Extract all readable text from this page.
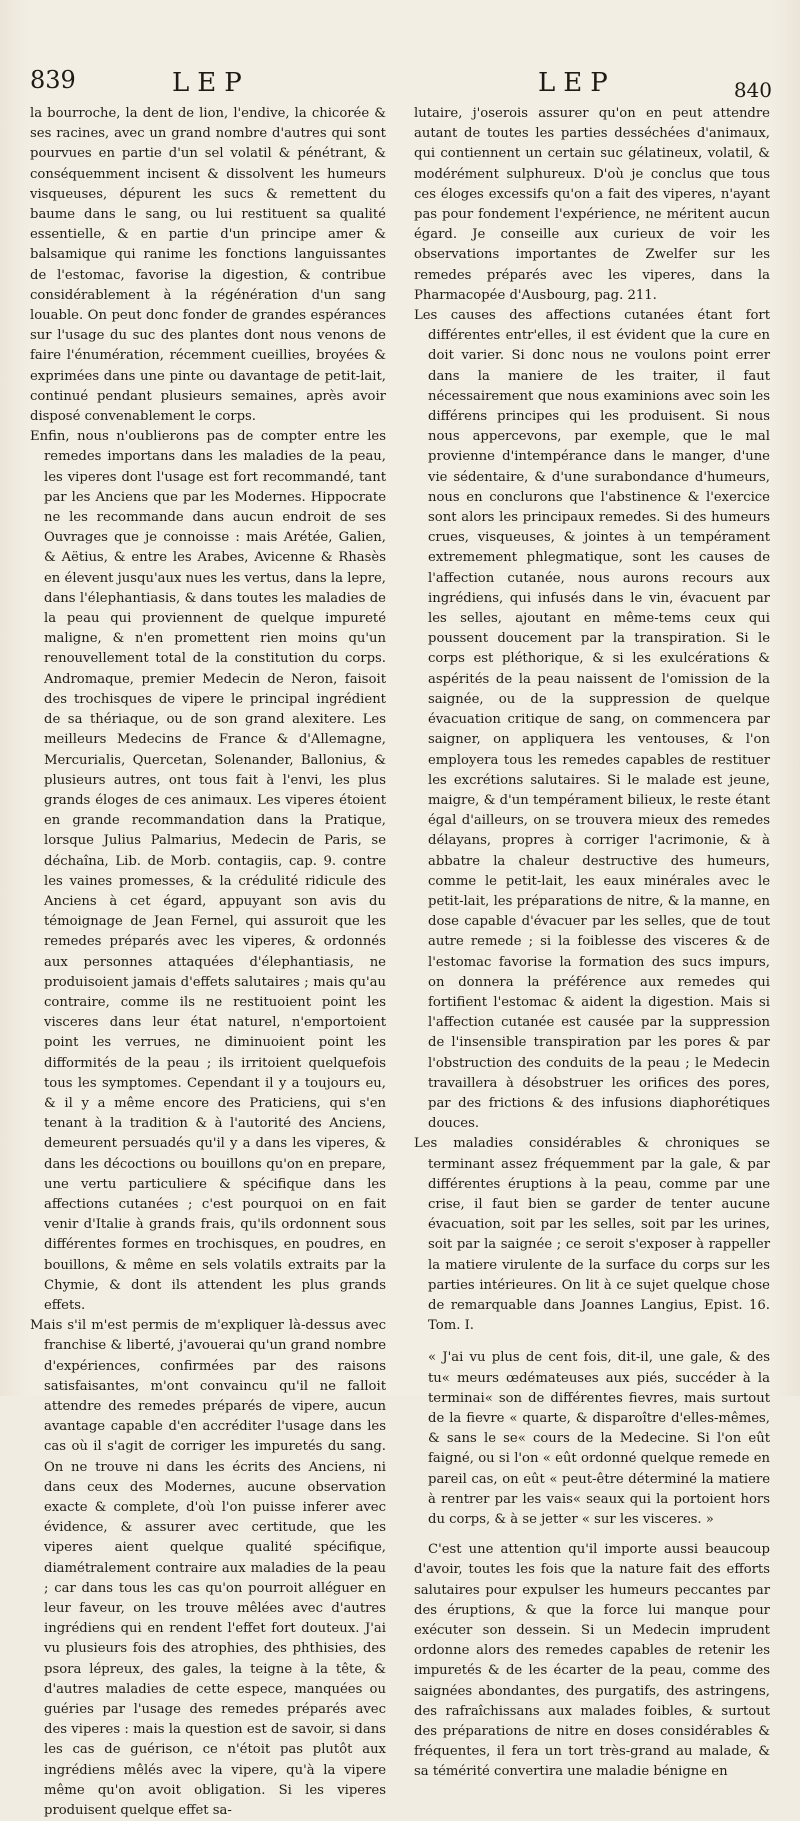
839	LEP	LEP	840

la bourroche, la dent de lion, l'endive, la chicorée & ses racines, avec un grand nombre d'autres qui sont pourvues en partie d'un sel volatil & pénétrant, & conséquemment incisent & dissolvent les humeurs visqueuses, dépurent les sucs & remettent du baume dans le sang, ou lui restituent sa qualité essentielle, & en partie d'un principe amer & balsamique qui ranime les fonctions languissantes de l'estomac, favorise la digestion, & contribue considérablement à la régénération d'un sang louable. On peut donc fonder de grandes espérances sur l'usage du suc des plantes dont nous venons de faire l'énumération, récemment cueillies, broyées & exprimées dans une pinte ou davantage de petit-lait, continué pendant plusieurs semaines, après avoir disposé convenablement le corps.

Enfin, nous n'oublierons pas de compter entre les remedes importans dans les maladies de la peau, les viperes dont l'usage est fort recommandé, tant par les Anciens que par les Modernes. Hippocrate ne les recommande dans aucun endroit de ses Ouvrages que je connoisse : mais Arétée, Galien, & Aëtius, & entre les Arabes, Avicenne & Rhasès en élevent jusqu'aux nues les vertus, dans la lepre, dans l'élephantiasis, & dans toutes les maladies de la peau qui proviennent de quelque impureté maligne, & n'en promettent rien moins qu'un renouvellement total de la constitution du corps. Andromaque, premier Medecin de Neron, faisoit des trochisques de vipere le principal ingrédient de sa thériaque, ou de son grand alexitere. Les meilleurs Medecins de France & d'Allemagne, Mercurialis, Quercetan, Solenander, Ballonius, & plusieurs autres, ont tous fait à l'envi, les plus grands éloges de ces animaux. Les viperes étoient en grande recommandation dans la Pratique, lorsque Julius Palmarius, Medecin de Paris, se déchaîna, Lib. de Morb. contagiis, cap. 9. contre les vaines promesses, & la crédulité ridicule des Anciens à cet égard, appuyant son avis du témoignage de Jean Fernel, qui assuroit que les remedes préparés avec les viperes, & ordonnés aux personnes attaquées d'élephantiasis, ne produisoient jamais d'effets salutaires ; mais qu'au contraire, comme ils ne restituoient point les visceres dans leur état naturel, n'emportoient point les verrues, ne diminuoient point les difformités de la peau ; ils irritoient quelquefois tous les symptomes. Cependant il y a toujours eu, & il y a même encore des Praticiens, qui s'en tenant à la tradition & à l'autorité des Anciens, demeurent persuadés qu'il y a dans les viperes, & dans les décoctions ou bouillons qu'on en prepare, une vertu particuliere & spécifique dans les affections cutanées ; c'est pourquoi on en fait venir d'Italie à grands frais, qu'ils ordonnent sous différentes formes en trochisques, en poudres, en bouillons, & même en sels volatils extraits par la Chymie, & dont ils attendent les plus grands effets.

Mais s'il m'est permis de m'expliquer là-dessus avec franchise & liberté, j'avouerai qu'un grand nombre d'expériences, confirmées par des raisons satisfaisantes, m'ont convaincu qu'il ne falloit attendre des remedes préparés de vipere, aucun avantage capable d'en accréditer l'usage dans les cas où il s'agit de corriger les impuretés du sang. On ne trouve ni dans les écrits des Anciens, ni dans ceux des Modernes, aucune observation exacte & complete, d'où l'on puisse inferer avec évidence, & assurer avec certitude, que les viperes aient quelque qualité spécifique, diamétralement contraire aux maladies de la peau ; car dans tous les cas qu'on pourroit alléguer en leur faveur, on les trouve mêlées avec d'autres ingrédiens qui en rendent l'effet fort douteux. J'ai vu plusieurs fois des atrophies, des phthisies, des psora lépreux, des gales, la teigne à la tête, & d'autres maladies de cette espece, manquées ou guéries par l'usage des remedes préparés avec des viperes : mais la question est de savoir, si dans les cas de guérison, ce n'étoit pas plutôt aux ingrédiens mêlés avec la vipere, qu'à la vipere même qu'on avoit obligation. Si les viperes produisent quelque effet sa-

lutaire, j'oserois assurer qu'on en peut attendre autant de toutes les parties desséchées d'animaux, qui contiennent un certain suc gélatineux, volatil, & modérément sulphureux. D'où je conclus que tous ces éloges excessifs qu'on a fait des viperes, n'ayant pas pour fondement l'expérience, ne méritent aucun égard. Je conseille aux curieux de voir les observations importantes de Zwelfer sur les remedes préparés avec les viperes, dans la Pharmacopée d'Ausbourg, pag. 211.

Les causes des affections cutanées étant fort différentes entr'elles, il est évident que la cure en doit varier. Si donc nous ne voulons point errer dans la maniere de les traiter, il faut nécessairement que nous examinions avec soin les différens principes qui les produisent. Si nous nous appercevons, par exemple, que le mal provienne d'intempérance dans le manger, d'une vie sédentaire, & d'une surabondance d'humeurs, nous en conclurons que l'abstinence & l'exercice sont alors les principaux remedes. Si des humeurs crues, visqueuses, & jointes à un tempérament extremement phlegmatique, sont les causes de l'affection cutanée, nous aurons recours aux ingrédiens, qui infusés dans le vin, évacuent par les selles, ajoutant en même-tems ceux qui poussent doucement par la transpiration. Si le corps est pléthorique, & si les exulcérations & aspérités de la peau naissent de l'omission de la saignée, ou de la suppression de quelque évacuation critique de sang, on commencera par saigner, on appliquera les ventouses, & l'on employera tous les remedes capables de restituer les excrétions salutaires. Si le malade est jeune, maigre, & d'un tempérament bilieux, le reste étant égal d'ailleurs, on se trouvera mieux des remedes délayans, propres à corriger l'acrimonie, & à abbatre la chaleur destructive des humeurs, comme le petit-lait, les eaux minérales avec le petit-lait, les préparations de nitre, & la manne, en dose capable d'évacuer par les selles, que de tout autre remede ; si la foiblesse des visceres & de l'estomac favorise la formation des sucs impurs, on donnera la préférence aux remedes qui fortifient l'estomac & aident la digestion. Mais si l'affection cutanée est causée par la suppression de l'insensible transpiration par les pores & par l'obstruction des conduits de la peau ; le Medecin travaillera à désobstruer les orifices des pores, par des frictions & des infusions diaphorétiques douces.

Les maladies considérables & chroniques se terminant assez fréquemment par la gale, & par différentes éruptions à la peau, comme par une crise, il faut bien se garder de tenter aucune évacuation, soit par les selles, soit par les urines, soit par la saignée ; ce seroit s'exposer à rappeller la matiere virulente de la surface du corps sur les parties intérieures. On lit à ce sujet quelque chose de remarquable dans Joannes Langius, Epist. 16. Tom. I.

« J'ai vu plus de cent fois, dit-il, une gale, & des tu« meurs œdémateuses aux piés, succéder à la terminai« son de différentes fievres, mais surtout de la fievre « quarte, & disparoître d'elles-mêmes, & sans le se« cours de la Medecine. Si l'on eût faigné, ou si l'on « eût ordonné quelque remede en pareil cas, on eût « peut-être déterminé la matiere à rentrer par les vais« seaux qui la portoient hors du corps, & à se jetter « sur les visceres. »

C'est une attention qu'il importe aussi beaucoup d'avoir, toutes les fois que la nature fait des efforts salutaires pour expulser les humeurs peccantes par des éruptions, & que la force lui manque pour exécuter son dessein. Si un Medecin imprudent ordonne alors des remedes capables de retenir les impuretés & de les écarter de la peau, comme des saignées abondantes, des purgatifs, des astringens, des rafraîchissans aux malades foibles, & surtout des préparations de nitre en doses considérables & fréquentes, il fera un tort très-grand au malade, & sa témérité convertira une maladie bénigne en
